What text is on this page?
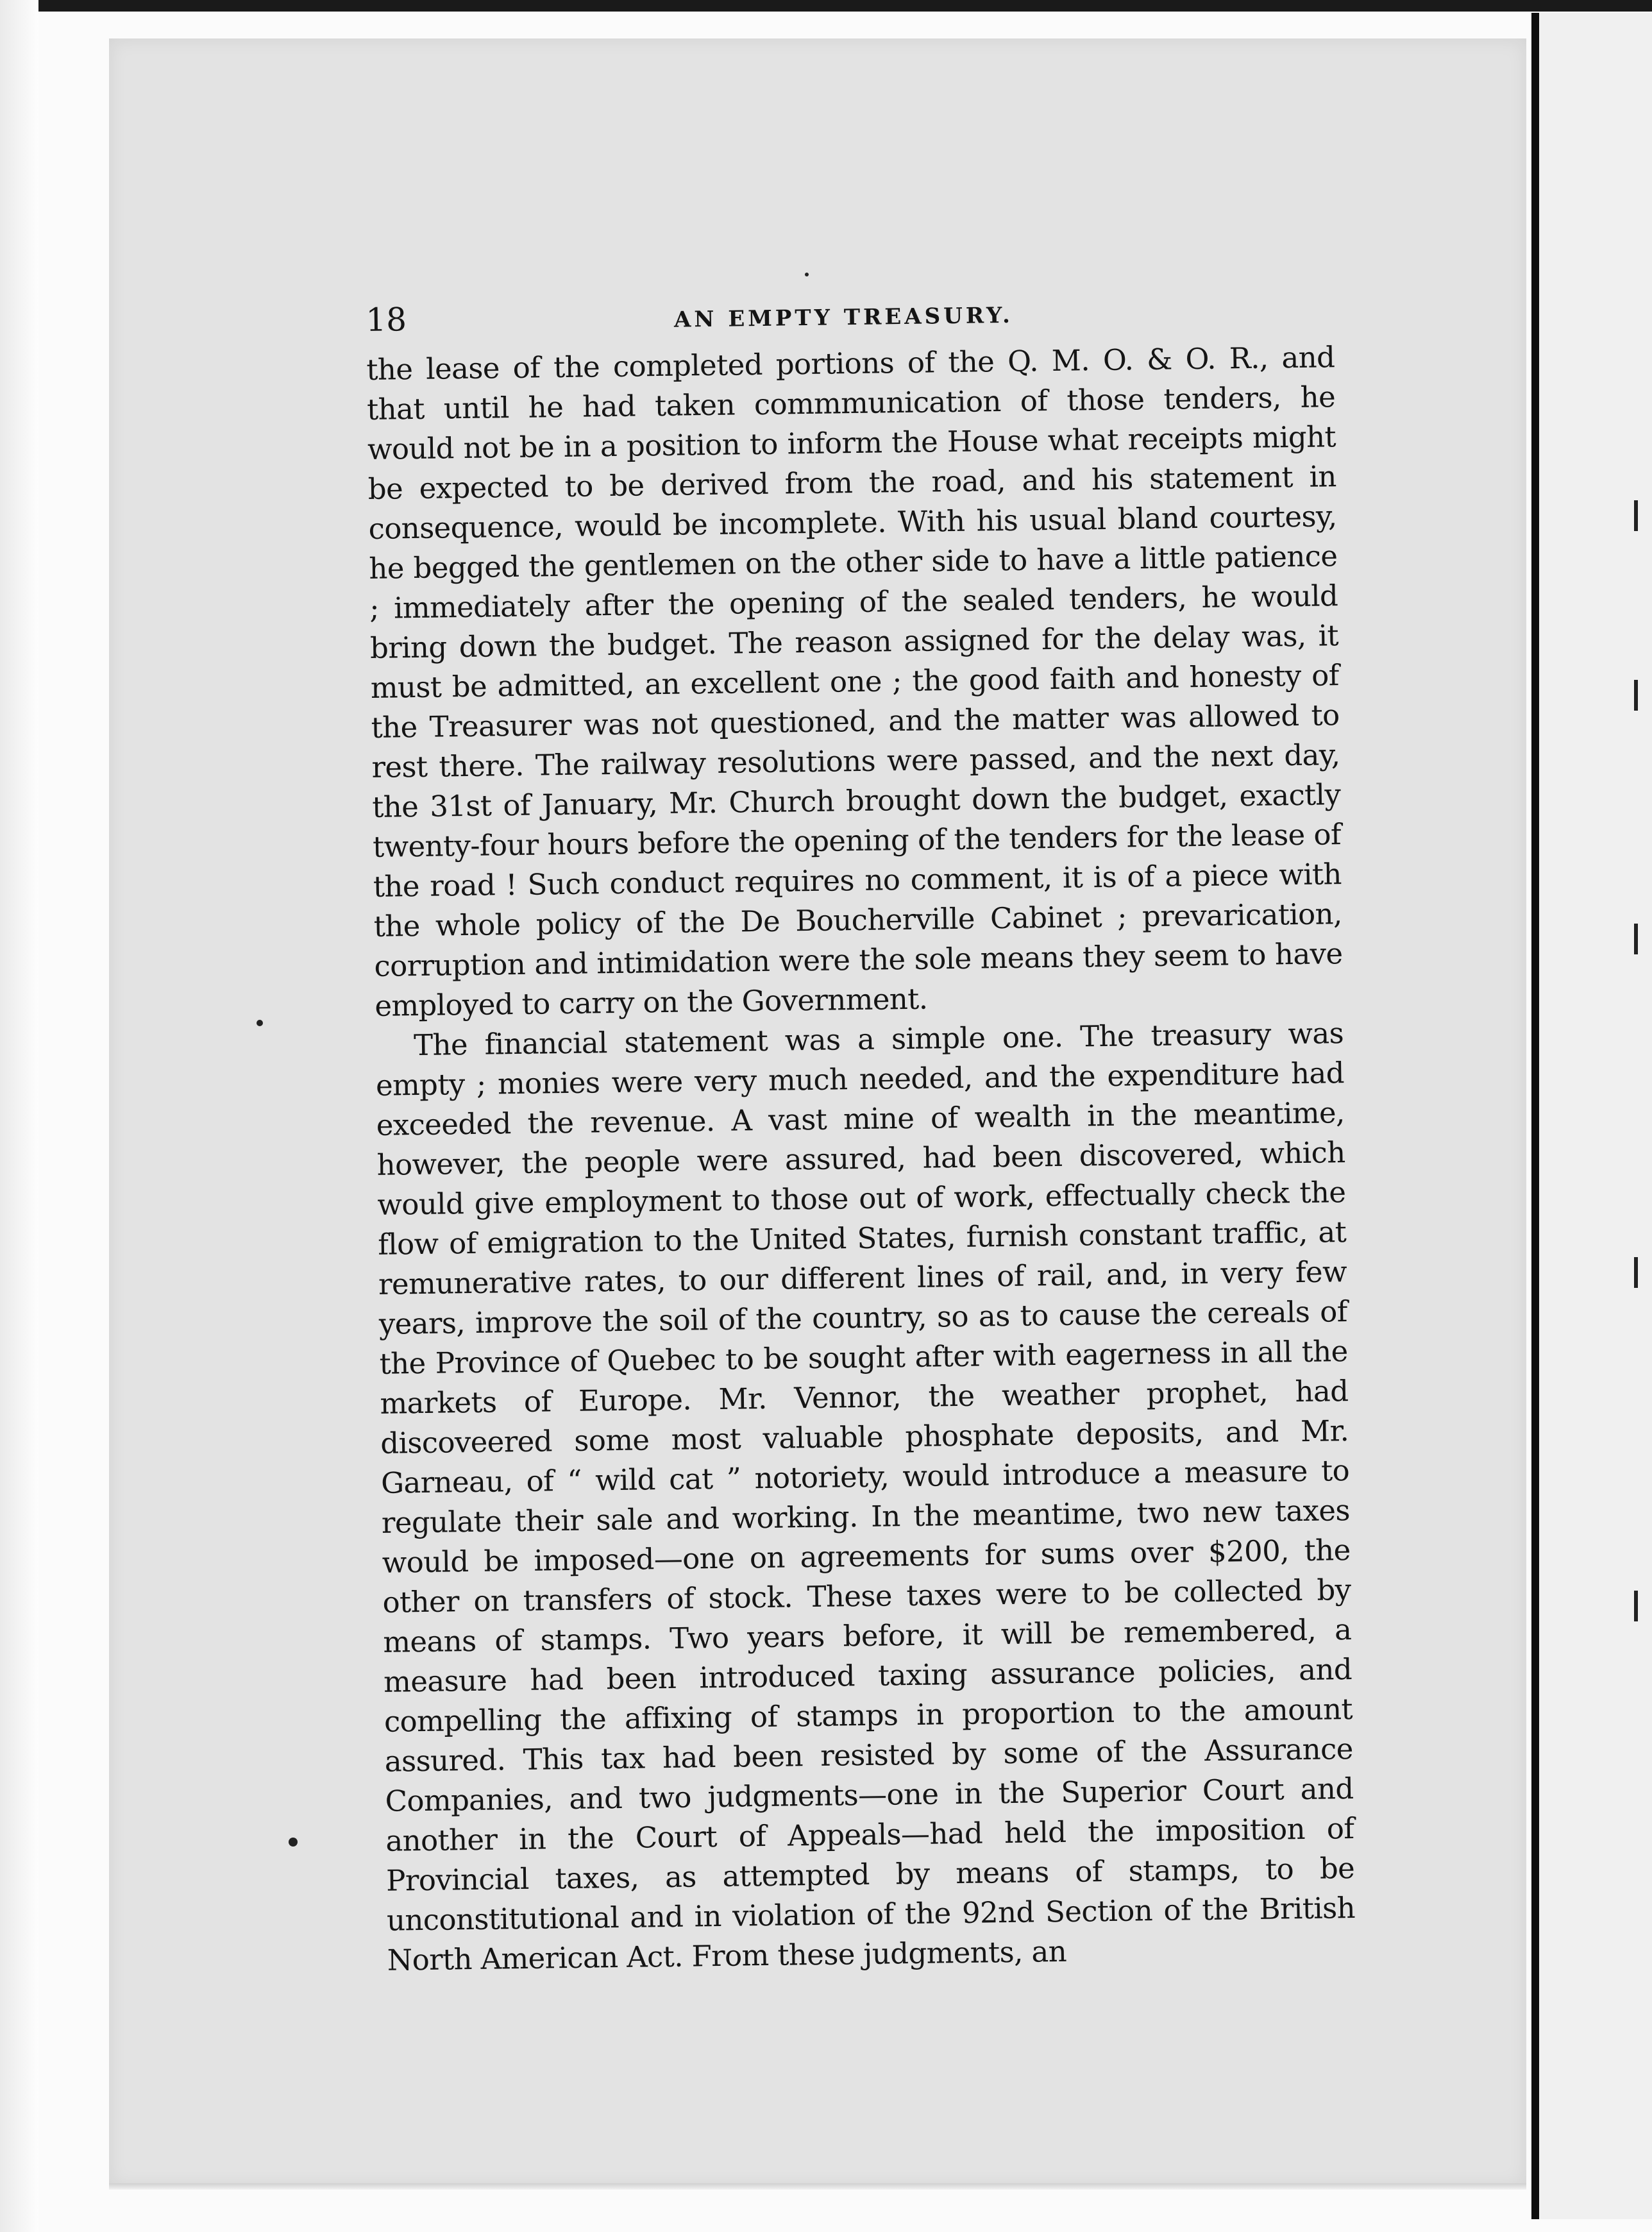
18	AN EMPTY TREASURY.

the lease of the completed portions of the Q. M. O. & O. R., and that until he had taken commmunication of those tenders, he would not be in a position to inform the House what receipts might be expected to be derived from the road, and his statement in consequence, would be incomplete. With his usual bland courtesy, he begged the gentlemen on the other side to have a little patience ; immediately after the opening of the sealed tenders, he would bring down the budget. The reason assigned for the delay was, it must be admitted, an excellent one ; the good faith and honesty of the Treasurer was not questioned, and the matter was allowed to rest there. The railway resolutions were passed, and the next day, the 31st of January, Mr. Church brought down the budget, exactly twenty-four hours before the opening of the tenders for the lease of the road ! Such conduct requires no comment, it is of a piece with the whole policy of the De Boucherville Cabinet ; prevarication, corruption and intimidation were the sole means they seem to have employed to carry on the Government.

The financial statement was a simple one. The treasury was empty ; monies were very much needed, and the expenditure had exceeded the revenue. A vast mine of wealth in the meantime, however, the people were assured, had been discovered, which would give employment to those out of work, effectually check the flow of emigration to the United States, furnish constant traffic, at remunerative rates, to our different lines of rail, and, in very few years, improve the soil of the country, so as to cause the cereals of the Province of Quebec to be sought after with eagerness in all the markets of Europe. Mr. Vennor, the weather prophet, had discoveered some most valuable phosphate deposits, and Mr. Garneau, of “ wild cat ” notoriety, would introduce a measure to regulate their sale and working. In the meantime, two new taxes would be imposed—one on agreements for sums over $200, the other on transfers of stock. These taxes were to be collected by means of stamps. Two years before, it will be remembered, a measure had been introduced taxing assurance policies, and compelling the affixing of stamps in proportion to the amount assured. This tax had been resisted by some of the Assurance Companies, and two judgments—one in the Superior Court and another in the Court of Appeals—had held the imposition of Provincial taxes, as attempted by means of stamps, to be unconstitutional and in violation of the 92nd Section of the British North American Act. From these judgments, an
